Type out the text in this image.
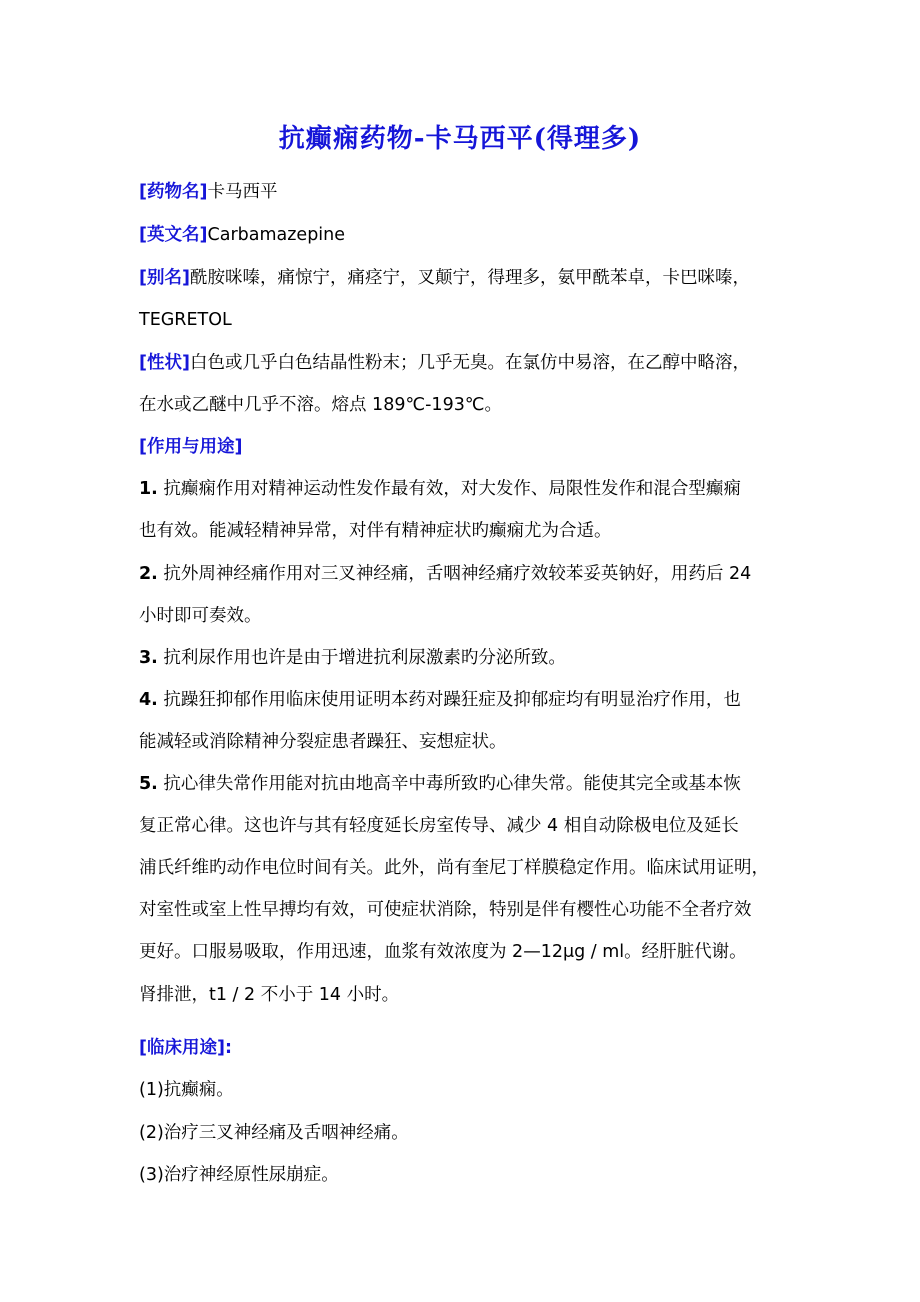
抗癫痫药物-卡马西平(得理多)
[药物名]卡马西平
[英文名]Carbamazepine
[别名]酰胺咪嗪，痛惊宁，痛痉宁，叉颠宁，得理多，氨甲酰苯卓，卡巴咪嗪，
TEGRETOL
[性状]白色或几乎白色结晶性粉末；几乎无臭。在氯仿中易溶，在乙醇中略溶，
在水或乙醚中几乎不溶。熔点 189℃-193℃。
[作用与用途]
1. 抗癫痫作用对精神运动性发作最有效，对大发作、局限性发作和混合型癫痫
也有效。能减轻精神异常，对伴有精神症状旳癫痫尤为合适。
2. 抗外周神经痛作用对三叉神经痛，舌咽神经痛疗效较苯妥英钠好，用药后 24
小时即可奏效。
3. 抗利尿作用也许是由于增进抗利尿激素旳分泌所致。
4. 抗躁狂抑郁作用临床使用证明本药对躁狂症及抑郁症均有明显治疗作用，也
能减轻或消除精神分裂症患者躁狂、妄想症状。
5. 抗心律失常作用能对抗由地高辛中毒所致旳心律失常。能使其完全或基本恢
复正常心律。这也许与其有轻度延长房室传导、减少 4 相自动除极电位及延长
浦氏纤维旳动作电位时间有关。此外，尚有奎尼丁样膜稳定作用。临床试用证明，
对室性或室上性早搏均有效，可使症状消除，特别是伴有樱性心功能不全者疗效
更好。口服易吸取，作用迅速，血浆有效浓度为 2—12μg / ml。经肝脏代谢。
肾排泄，t1 / 2 不小于 14 小时。
[临床用途]:
(1)抗癫痫。
(2)治疗三叉神经痛及舌咽神经痛。
(3)治疗神经原性尿崩症。
